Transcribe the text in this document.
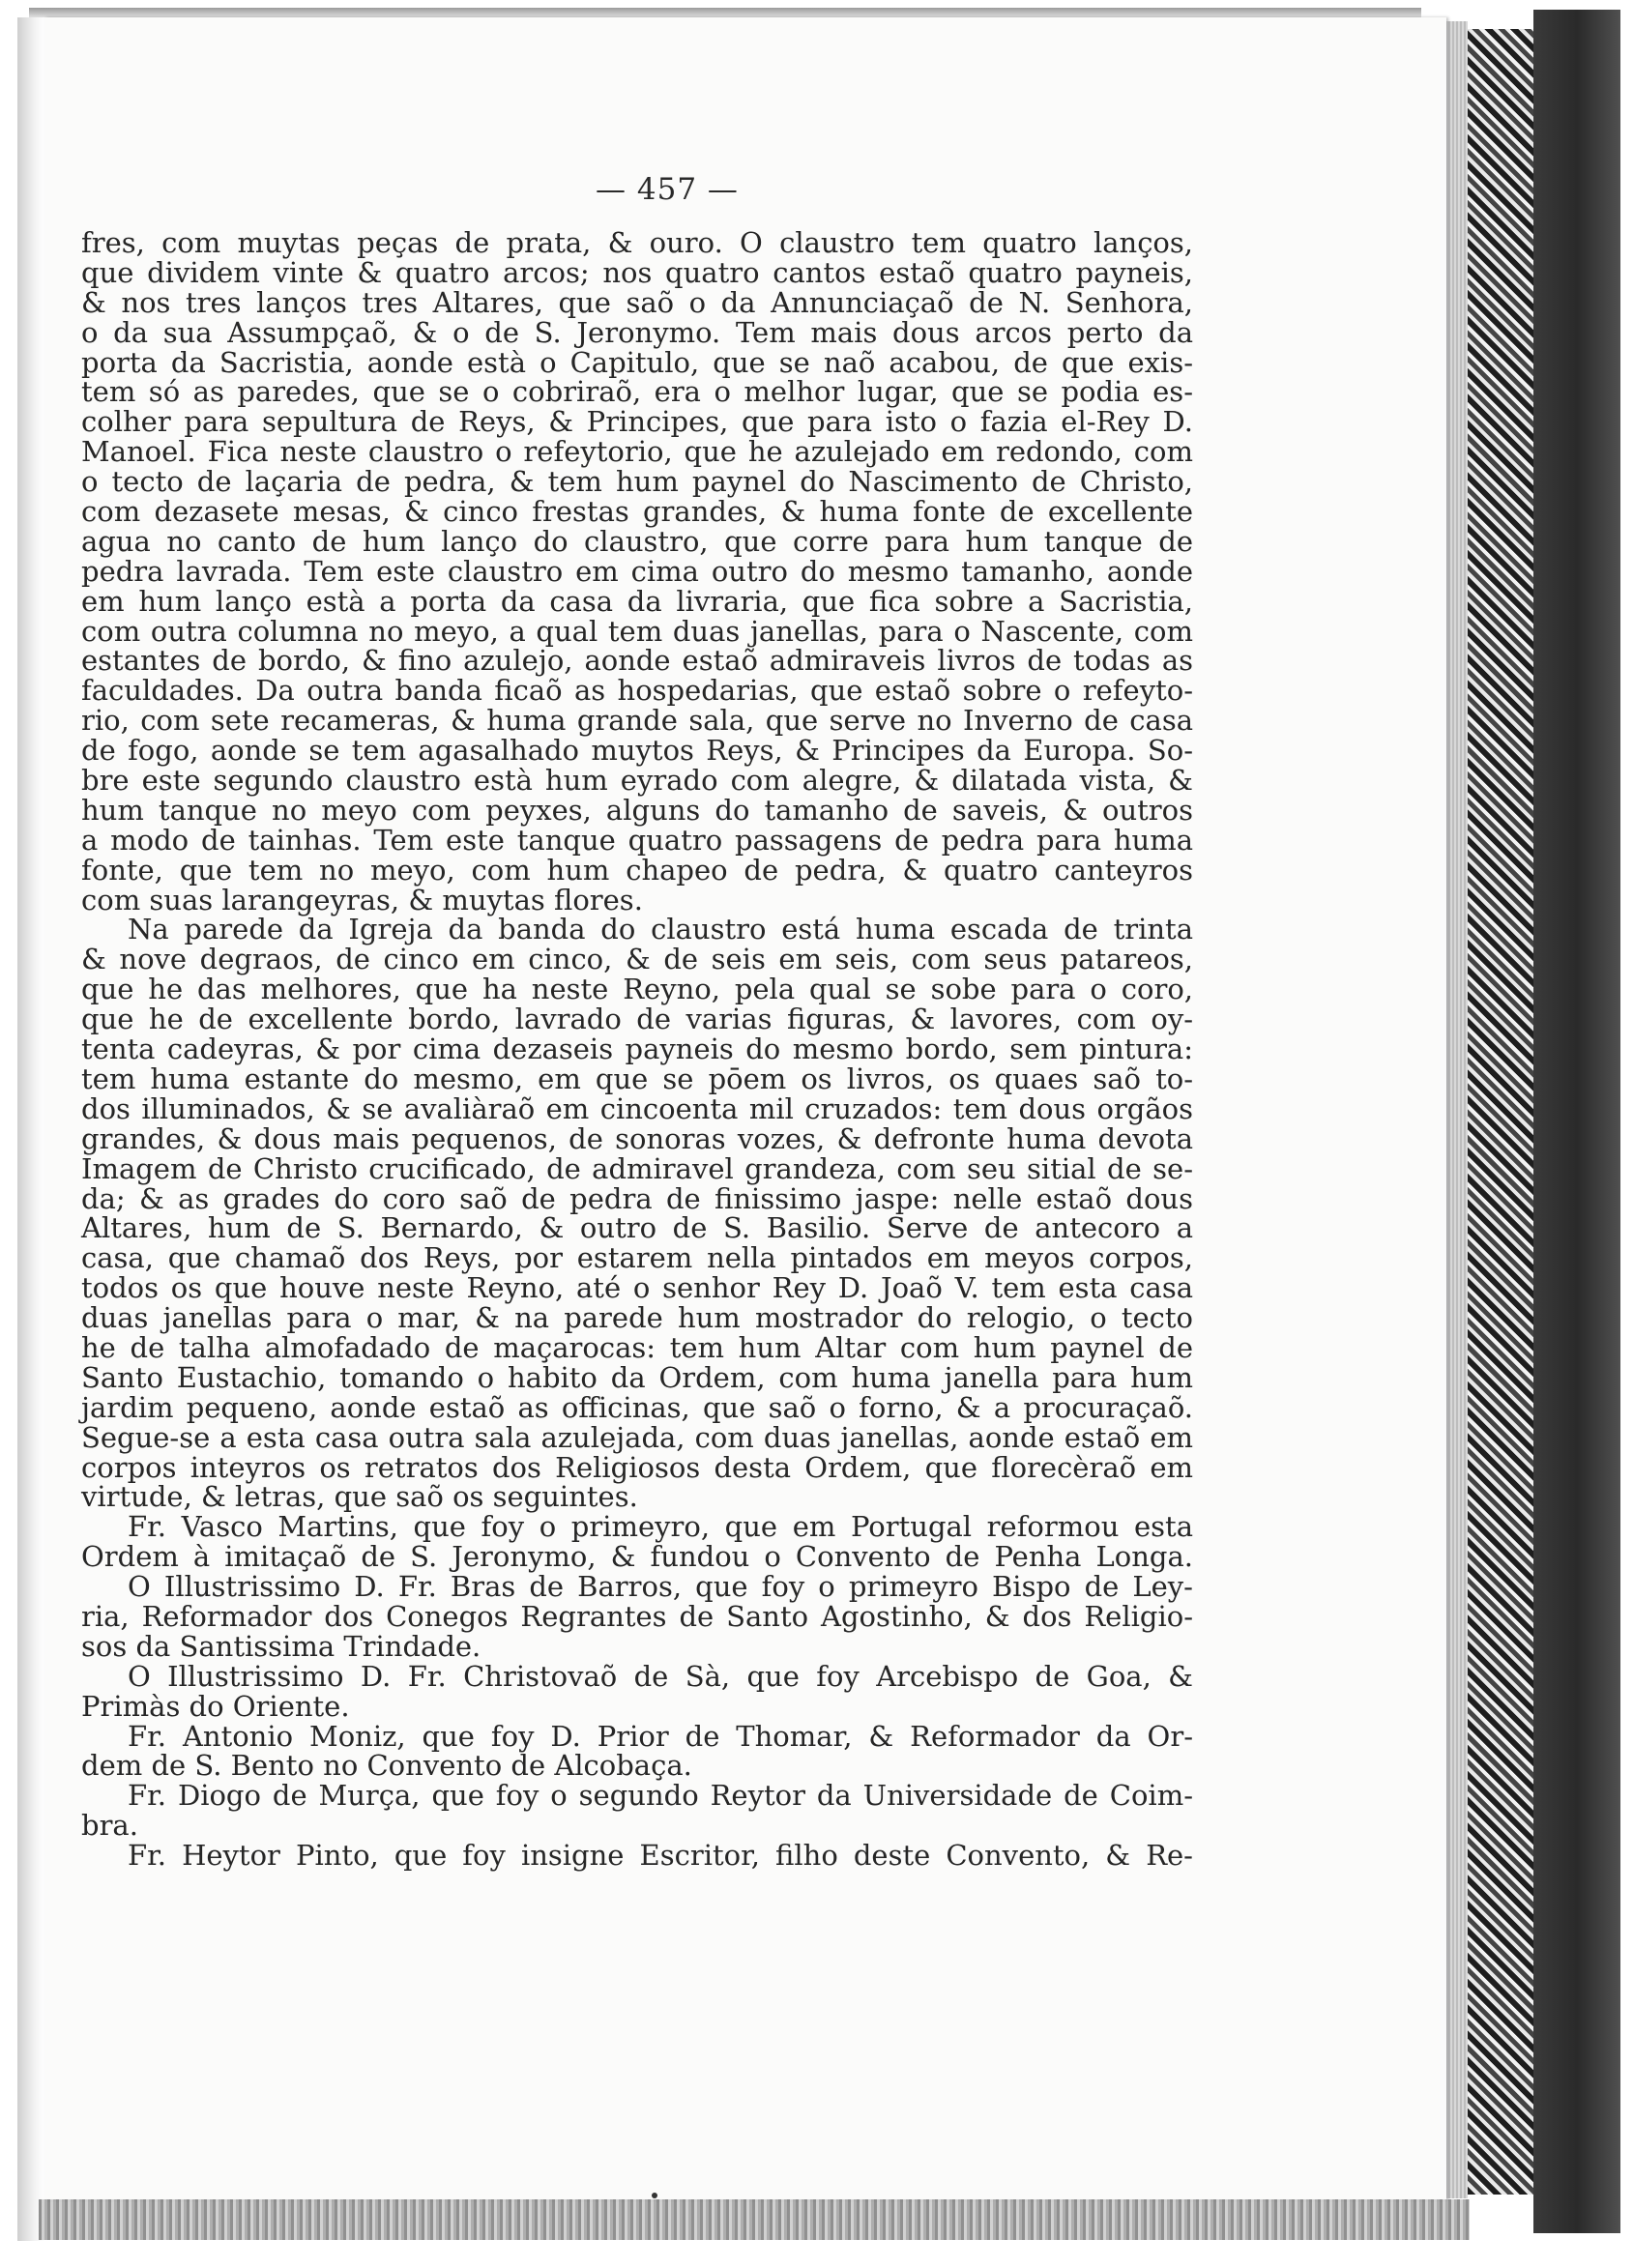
— 457 —
fres, com muytas peças de prata, & ouro. O claustro tem quatro lanços,
que dividem vinte & quatro arcos; nos quatro cantos estaõ quatro payneis,
& nos tres lanços tres Altares, que saõ o da Annunciaçaõ de N. Senhora,
o da sua Assumpçaõ, & o de S. Jeronymo. Tem mais dous arcos perto da
porta da Sacristia, aonde està o Capitulo, que se naõ acabou, de que exis-
tem só as paredes, que se o cobriraõ, era o melhor lugar, que se podia es-
colher para sepultura de Reys, & Principes, que para isto o fazia el-Rey D.
Manoel. Fica neste claustro o refeytorio, que he azulejado em redondo, com
o tecto de laçaria de pedra, & tem hum paynel do Nascimento de Christo,
com dezasete mesas, & cinco frestas grandes, & huma fonte de excellente
agua no canto de hum lanço do claustro, que corre para hum tanque de
pedra lavrada. Tem este claustro em cima outro do mesmo tamanho, aonde
em hum lanço està a porta da casa da livraria, que fica sobre a Sacristia,
com outra columna no meyo, a qual tem duas janellas, para o Nascente, com
estantes de bordo, & fino azulejo, aonde estaõ admiraveis livros de todas as
faculdades. Da outra banda ficaõ as hospedarias, que estaõ sobre o refeyto-
rio, com sete recameras, & huma grande sala, que serve no Inverno de casa
de fogo, aonde se tem agasalhado muytos Reys, & Principes da Europa. So-
bre este segundo claustro està hum eyrado com alegre, & dilatada vista, &
hum tanque no meyo com peyxes, alguns do tamanho de saveis, & outros
a modo de tainhas. Tem este tanque quatro passagens de pedra para huma
fonte, que tem no meyo, com hum chapeo de pedra, & quatro canteyros
com suas larangeyras, & muytas flores.
Na parede da Igreja da banda do claustro está huma escada de trinta
& nove degraos, de cinco em cinco, & de seis em seis, com seus patareos,
que he das melhores, que ha neste Reyno, pela qual se sobe para o coro,
que he de excellente bordo, lavrado de varias figuras, & lavores, com oy-
tenta cadeyras, & por cima dezaseis payneis do mesmo bordo, sem pintura:
tem huma estante do mesmo, em que se pōem os livros, os quaes saõ to-
dos illuminados, & se avaliàraõ em cincoenta mil cruzados: tem dous orgãos
grandes, & dous mais pequenos, de sonoras vozes, & defronte huma devota
Imagem de Christo crucificado, de admiravel grandeza, com seu sitial de se-
da; & as grades do coro saõ de pedra de finissimo jaspe: nelle estaõ dous
Altares, hum de S. Bernardo, & outro de S. Basilio. Serve de antecoro a
casa, que chamaõ dos Reys, por estarem nella pintados em meyos corpos,
todos os que houve neste Reyno, até o senhor Rey D. Joaõ V. tem esta casa
duas janellas para o mar, & na parede hum mostrador do relogio, o tecto
he de talha almofadado de maçarocas: tem hum Altar com hum paynel de
Santo Eustachio, tomando o habito da Ordem, com huma janella para hum
jardim pequeno, aonde estaõ as officinas, que saõ o forno, & a procuraçaõ.
Segue-se a esta casa outra sala azulejada, com duas janellas, aonde estaõ em
corpos inteyros os retratos dos Religiosos desta Ordem, que florecèraõ em
virtude, & letras, que saõ os seguintes.
Fr. Vasco Martins, que foy o primeyro, que em Portugal reformou esta
Ordem à imitaçaõ de S. Jeronymo, & fundou o Convento de Penha Longa.
O Illustrissimo D. Fr. Bras de Barros, que foy o primeyro Bispo de Ley-
ria, Reformador dos Conegos Regrantes de Santo Agostinho, & dos Religio-
sos da Santissima Trindade.
O Illustrissimo D. Fr. Christovaõ de Sà, que foy Arcebispo de Goa, &
Primàs do Oriente.
Fr. Antonio Moniz, que foy D. Prior de Thomar, & Reformador da Or-
dem de S. Bento no Convento de Alcobaça.
Fr. Diogo de Murça, que foy o segundo Reytor da Universidade de Coim-
bra.
Fr. Heytor Pinto, que foy insigne Escritor, filho deste Convento, & Re-
